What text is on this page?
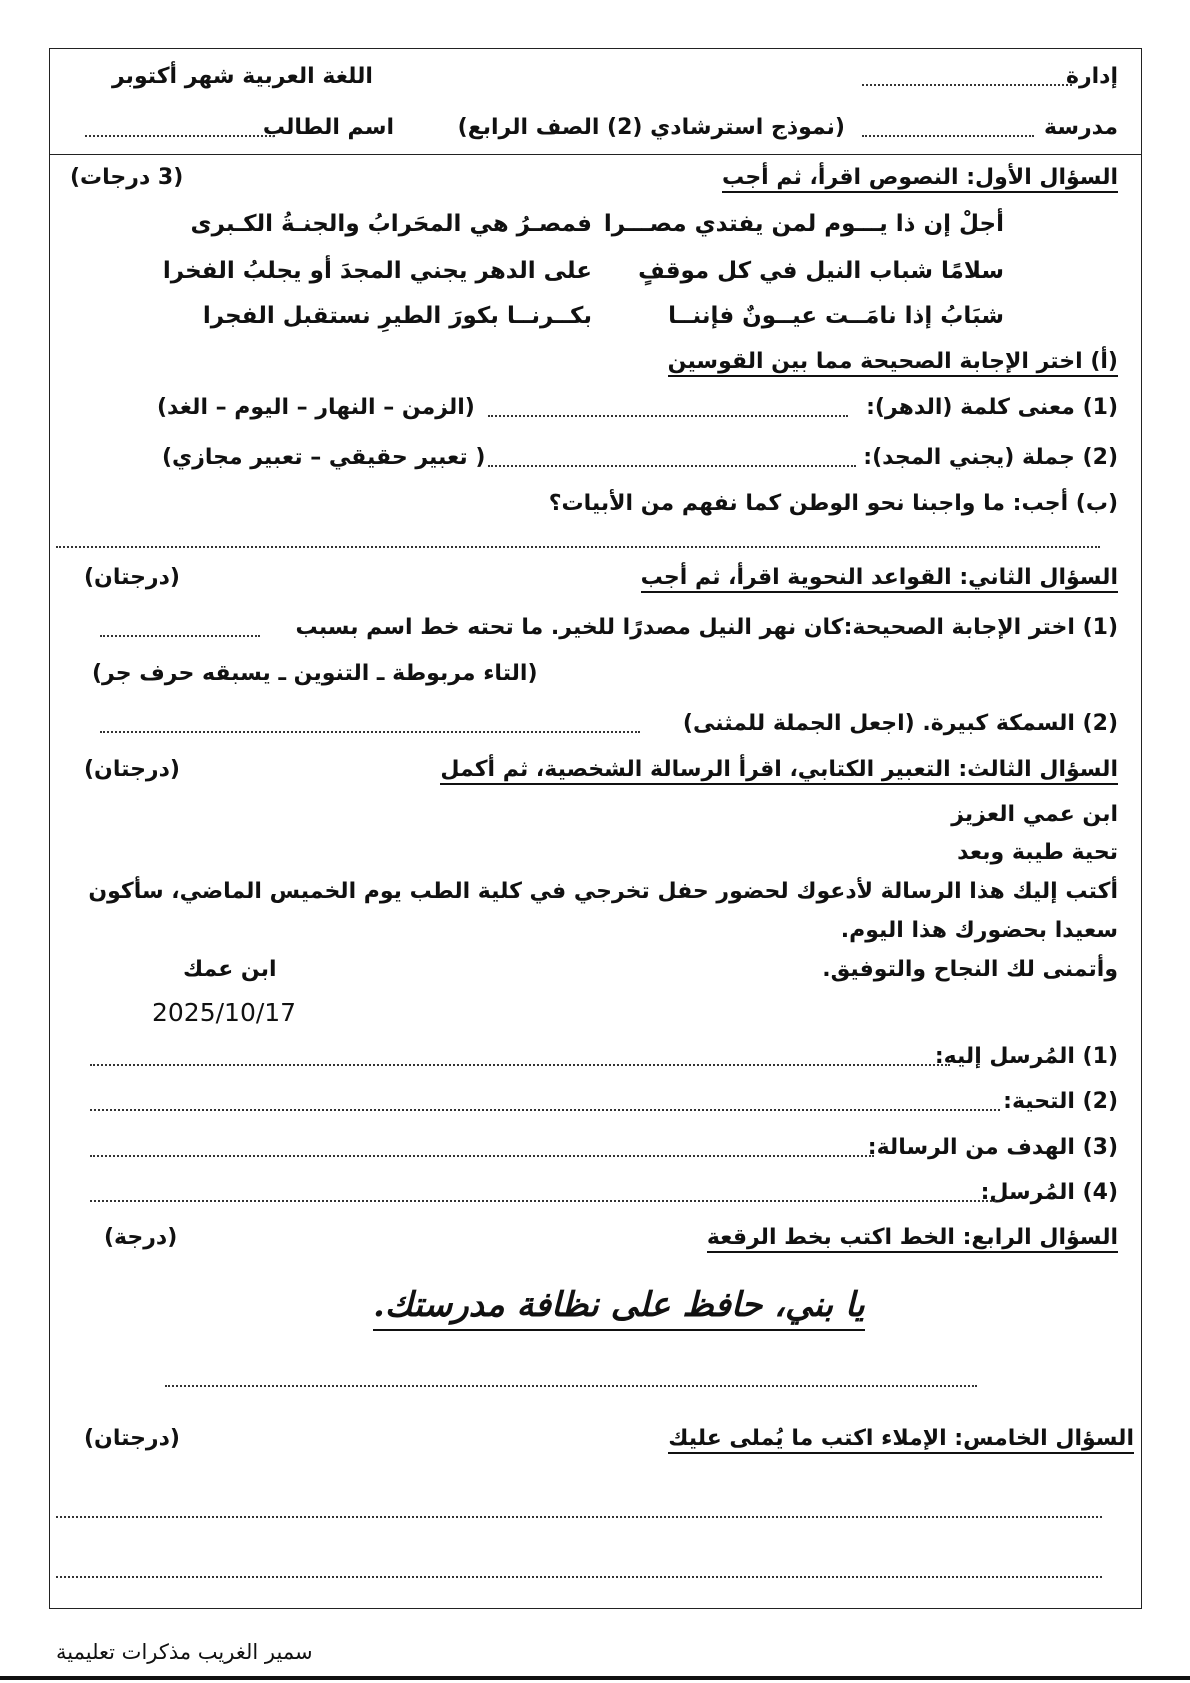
إدارة
اللغة العربية شهر أكتوبر
مدرسة
(نموذج استرشادي (2) الصف الرابع)
اسم الطالب
السؤال الأول: النصوص اقرأ، ثم أجب
(3 درجات)
أجلْ إن ذا يـــوم لمن يفتدي مصـــرا
فمصـرُ هي المحَرابُ والجنـةُ الكـبرى
سلامًا شباب النيل في كل موقفٍ
على الدهر يجني المجدَ أو يجلبُ الفخرا
شبَابُ إذا نامَــت عيــونٌ فإننــا
بكــرنــا بكورَ الطيرِ نستقبل الفجرا
(أ) اختر الإجابة الصحيحة مما بين القوسين
(1) معنى كلمة (الدهر):
(الزمن – النهار – اليوم – الغد)
(2) جملة (يجني المجد):
( تعبير حقيقي – تعبير مجازي)
(ب) أجب: ما واجبنا نحو الوطن كما نفهم من الأبيات؟
السؤال الثاني: القواعد النحوية اقرأ، ثم أجب
(درجتان)
(1) اختر الإجابة الصحيحة:كان نهر النيل مصدرًا للخير. ما تحته خط اسم بسبب
(التاء مربوطة ـ التنوين ـ يسبقه حرف جر)
(2) السمكة كبيرة. (اجعل الجملة للمثنى)
السؤال الثالث: التعبير الكتابي، اقرأ الرسالة الشخصية، ثم أكمل
(درجتان)
ابن عمي العزيز
تحية طيبة وبعد
أكتب إليك هذا الرسالة لأدعوك لحضور حفل تخرجي في كلية الطب يوم الخميس الماضي، سأكون
سعيدا بحضورك هذا اليوم.
وأتمنى لك النجاح والتوفيق.
ابن عمك
2025/10/17
(1) المُرسل إليه:
(2) التحية:
(3) الهدف من الرسالة:
(4) المُرسل:
السؤال الرابع: الخط اكتب بخط الرقعة
(درجة)
يا بني، حافظ على نظافة مدرستك.
السؤال الخامس: الإملاء اكتب ما يُملى عليك
(درجتان)
سمير الغريب مذكرات تعليمية
